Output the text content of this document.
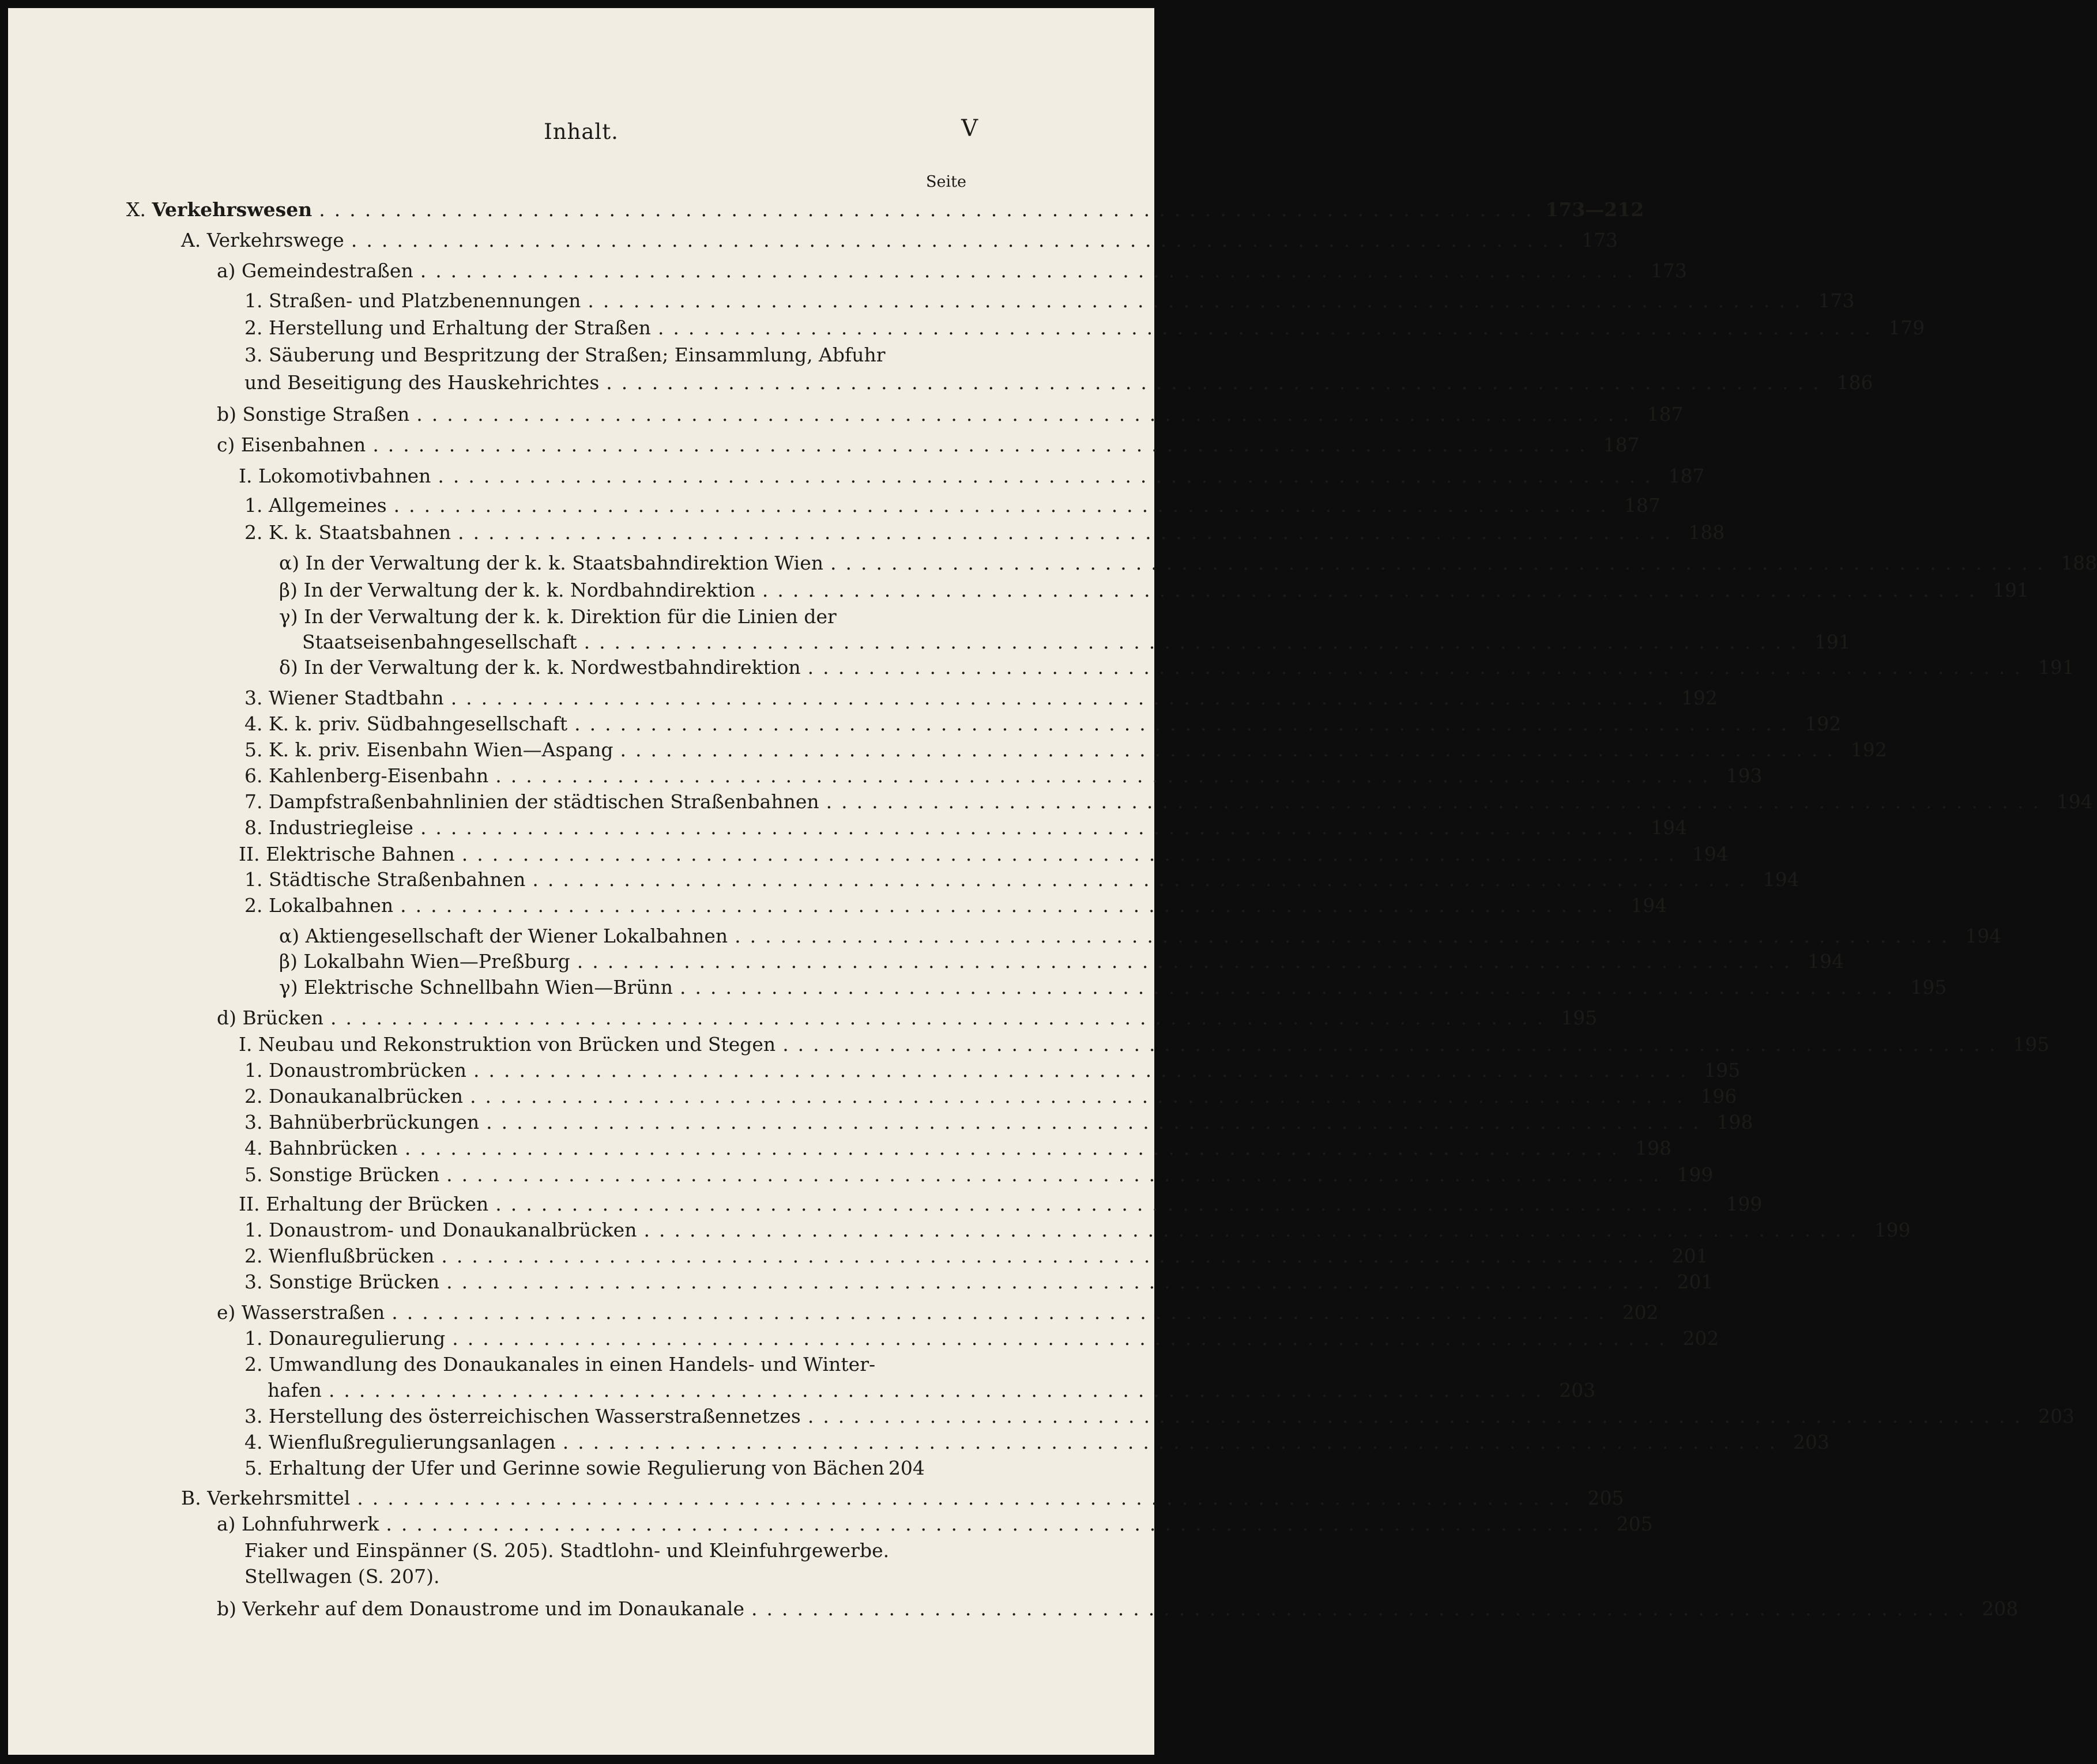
Inhalt.	V
Seite
X. Verkehrswesen ................................................................................ 173—212
A. Verkehrswege ................................................................................ 173
a) Gemeindestraßen ................................................................................ 173
1. Straßen- und Platzbenennungen ................................................................................ 173
2. Herstellung und Erhaltung der Straßen ................................................................................ 179
3. Säuberung und Bespritzung der Straßen; Einsammlung, Abfuhr
und Beseitigung des Hauskehrichtes ................................................................................ 186
b) Sonstige Straßen ................................................................................ 187
c) Eisenbahnen ................................................................................ 187
I. Lokomotivbahnen ................................................................................ 187
1. Allgemeines ................................................................................ 187
2. K. k. Staatsbahnen ................................................................................ 188
α) In der Verwaltung der k. k. Staatsbahndirektion Wien ................................................................................ 188
β) In der Verwaltung der k. k. Nordbahndirektion ................................................................................ 191
γ) In der Verwaltung der k. k. Direktion für die Linien der
Staatseisenbahngesellschaft ................................................................................ 191
δ) In der Verwaltung der k. k. Nordwestbahndirektion ................................................................................ 191
3. Wiener Stadtbahn ................................................................................ 192
4. K. k. priv. Südbahngesellschaft ................................................................................ 192
5. K. k. priv. Eisenbahn Wien—Aspang ................................................................................ 192
6. Kahlenberg-Eisenbahn ................................................................................ 193
7. Dampfstraßenbahnlinien der städtischen Straßenbahnen ................................................................................ 194
8. Industriegleise ................................................................................ 194
II. Elektrische Bahnen ................................................................................ 194
1. Städtische Straßenbahnen ................................................................................ 194
2. Lokalbahnen ................................................................................ 194
α) Aktiengesellschaft der Wiener Lokalbahnen ................................................................................ 194
β) Lokalbahn Wien—Preßburg ................................................................................ 194
γ) Elektrische Schnellbahn Wien—Brünn ................................................................................ 195
d) Brücken ................................................................................ 195
I. Neubau und Rekonstruktion von Brücken und Stegen ................................................................................ 195
1. Donaustrombrücken ................................................................................ 195
2. Donaukanalbrücken ................................................................................ 196
3. Bahnüberbrückungen ................................................................................ 198
4. Bahnbrücken ................................................................................ 198
5. Sonstige Brücken ................................................................................ 199
II. Erhaltung der Brücken ................................................................................ 199
1. Donaustrom- und Donaukanalbrücken ................................................................................ 199
2. Wienflußbrücken ................................................................................ 201
3. Sonstige Brücken ................................................................................ 201
e) Wasserstraßen ................................................................................ 202
1. Donauregulierung ................................................................................ 202
2. Umwandlung des Donaukanales in einen Handels- und Winter-
hafen ................................................................................ 203
3. Herstellung des österreichischen Wasserstraßennetzes ................................................................................ 203
4. Wienflußregulierungsanlagen ................................................................................ 203
5. Erhaltung der Ufer und Gerinne sowie Regulierung von Bächen 204
B. Verkehrsmittel ................................................................................ 205
a) Lohnfuhrwerk ................................................................................ 205
Fiaker und Einspänner (S. 205). Stadtlohn- und Kleinfuhrgewerbe.
Stellwagen (S. 207).
b) Verkehr auf dem Donaustrome und im Donaukanale ................................................................................ 208
